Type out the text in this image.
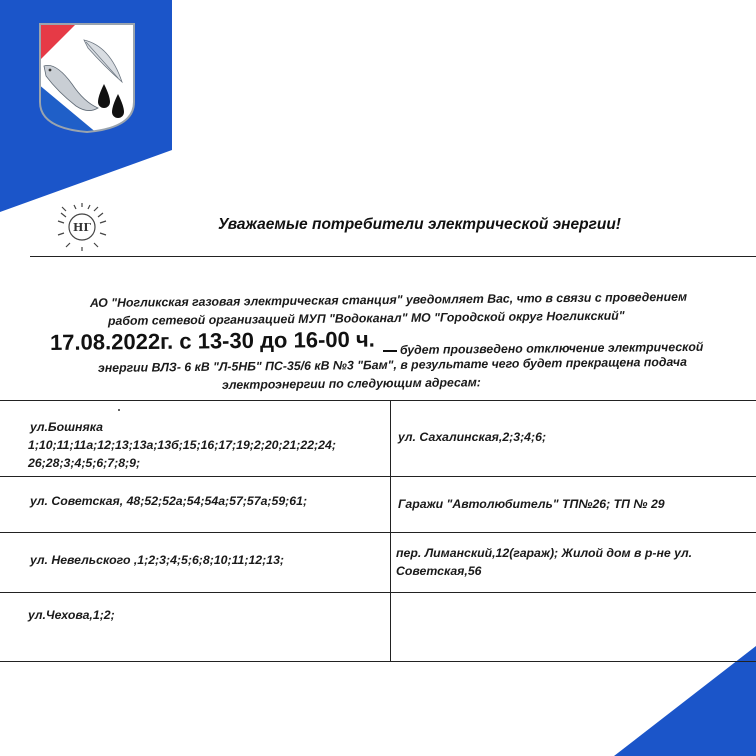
НГ	Уважаемые потребители электрической энергии!
АО "Ногликская газовая электрическая станция" уведомляет Вас, что в связи с проведением
работ сетевой организацией МУП "Водоканал" МО "Городской округ Ногликский"
17.08.2022г. с 13-30 до 16-00 ч. будет произведено отключение электрической
энергии ВЛЗ- 6 кВ "Л-5НБ" ПС-35/6 кВ №3 "Бам", в результате чего будет прекращена подача
электроэнергии по следующим адресам:
ул.Бошняка
1;10;11;11а;12;13;13а;13б;15;16;17;19;2;20;21;22;24;
26;28;3;4;5;6;7;8;9;
ул. Советская, 48;52;52а;54;54а;57;57а;59;61;
ул. Невельского ,1;2;3;4;5;6;8;10;11;12;13;
ул.Чехова,1;2;
ул. Сахалинская,2;3;4;6;
Гаражи "Автолюбитель" ТП№26; ТП № 29
пер. Лиманский,12(гараж); Жилой дом в р-не ул.
Советская,56
